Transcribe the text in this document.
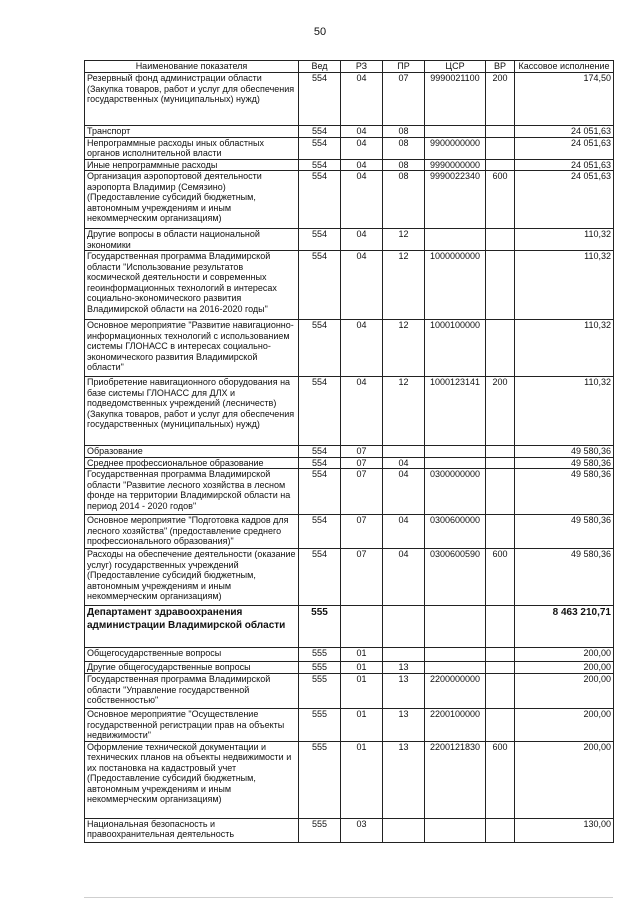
50
Наименование показателя	Вед	РЗ	ПР	ЦСР	ВР	Кассовое исполнение
Резервный фонд администрации области (Закупка товаров, работ и услуг для обеспечения государственных (муниципальных) нужд)	554	04	07	9990021100	200	174,50
Транспорт	554	04	08			24 051,63
Непрограммные расходы иных областных органов исполнительной власти	554	04	08	9900000000		24 051,63
Иные непрограммные расходы	554	04	08	9990000000		24 051,63
Организация аэропортовой деятельности аэропорта Владимир (Семязино) (Предоставление субсидий бюджетным, автономным учреждениям и иным некоммерческим организациям)	554	04	08	9990022340	600	24 051,63
Другие вопросы в области национальной экономики	554	04	12			110,32
Государственная программа Владимирской области "Использование результатов космической деятельности и современных геоинформационных технологий в интересах социально-экономического развития Владимирской области на 2016-2020 годы"	554	04	12	1000000000		110,32
Основное мероприятие "Развитие навигационно-информационных технологий с использованием системы ГЛОНАСС в интересах социально-экономического развития Владимирской области"	554	04	12	1000100000		110,32
Приобретение навигационного оборудования на базе системы ГЛОНАСС для ДЛХ и подведомственных учреждений (лесничеств) (Закупка товаров, работ и услуг для обеспечения государственных (муниципальных) нужд)	554	04	12	1000123141	200	110,32
Образование	554	07				49 580,36
Среднее профессиональное образование	554	07	04			49 580,36
Государственная программа Владимирской области "Развитие лесного хозяйства в лесном фонде на территории Владимирской области на период 2014 - 2020 годов"	554	07	04	0300000000		49 580,36
Основное мероприятие "Подготовка кадров для лесного хозяйства" (предоставление среднего профессионального образования)"	554	07	04	0300600000		49 580,36
Расходы на обеспечение деятельности (оказание услуг) государственных учреждений (Предоставление субсидий бюджетным, автономным учреждениям и иным некоммерческим организациям)	554	07	04	0300600590	600	49 580,36
Департамент здравоохранения администрации Владимирской области	555					8 463 210,71
Общегосударственные вопросы	555	01				200,00
Другие общегосударственные вопросы	555	01	13			200,00
Государственная программа Владимирской области "Управление государственной собственностью"	555	01	13	2200000000		200,00
Основное мероприятие "Осуществление государственной регистрации прав на объекты недвижимости"	555	01	13	2200100000		200,00
Оформление технической документации и технических планов на объекты недвижимости и их постановка на кадастровый учет (Предоставление субсидий бюджетным, автономным учреждениям и иным некоммерческим организациям)	555	01	13	2200121830	600	200,00
Национальная безопасность и правоохранительная деятельность	555	03				130,00
